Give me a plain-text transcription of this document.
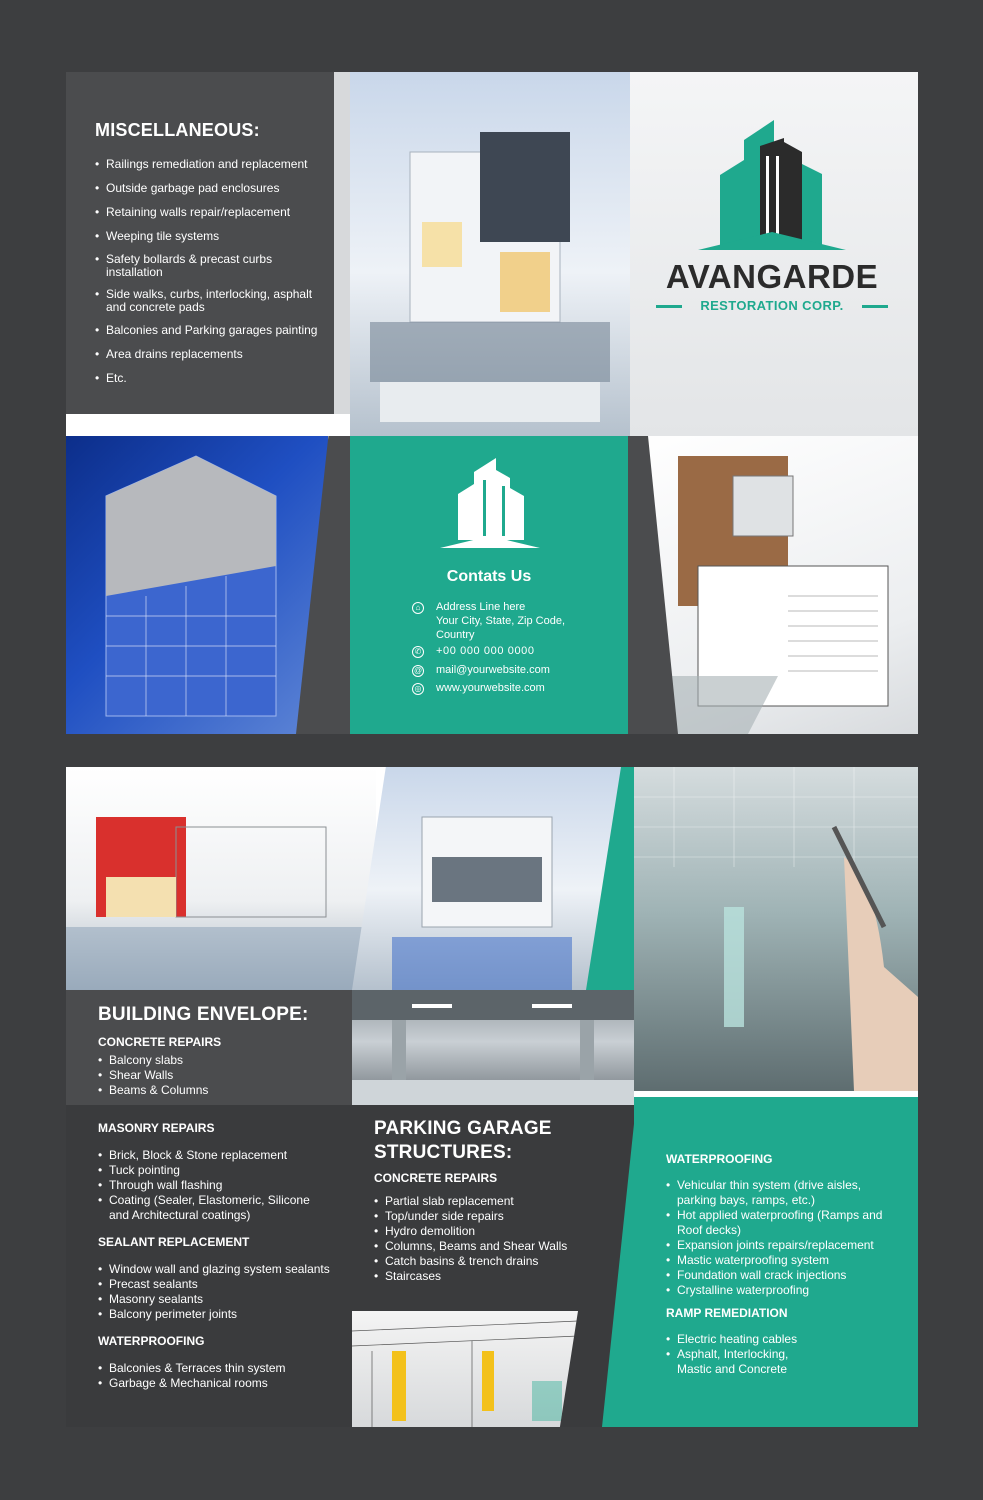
MISCELLANEOUS:
• Railings remediation and replacement
• Outside garbage pad enclosures
• Retaining walls repair/replacement
• Weeping tile systems
• Safety bollards & precast curbs installation
• Side walks, curbs, interlocking, asphalt and concrete pads
• Balconies and Parking garages painting
• Area drains replacements
• Etc.
AVANGARDE
RESTORATION CORP.
Contats Us
⌂	Address Line here
Your City, State, Zip Code,
Country
✆ +00 000 000 0000
@ mail@yourwebsite.com
◎ www.yourwebsite.com
BUILDING ENVELOPE:
CONCRETE REPAIRS
• Balcony slabs
• Shear Walls
• Beams & Columns
MASONRY REPAIRS
• Brick, Block & Stone replacement
• Tuck pointing
• Through wall flashing
• Coating (Sealer, Elastomeric, Silicone and Architectural coatings)
SEALANT REPLACEMENT
• Window wall and glazing system sealants
• Precast sealants
• Masonry sealants
• Balcony perimeter joints
WATERPROOFING
• Balconies & Terraces thin system
• Garbage & Mechanical rooms
PARKING GARAGE
STRUCTURES:
CONCRETE REPAIRS
• Partial slab replacement
• Top/under side repairs
• Hydro demolition
• Columns, Beams and Shear Walls
• Catch basins & trench drains
• Staircases
WATERPROOFING
• Vehicular thin system (drive aisles, parking bays, ramps, etc.)
• Hot applied waterproofing (Ramps and Roof decks)
• Expansion joints repairs/replacement
• Mastic waterproofing system
• Foundation wall crack injections
• Crystalline waterproofing
RAMP REMEDIATION
• Electric heating cables
• Asphalt, Interlocking, Mastic and Concrete
